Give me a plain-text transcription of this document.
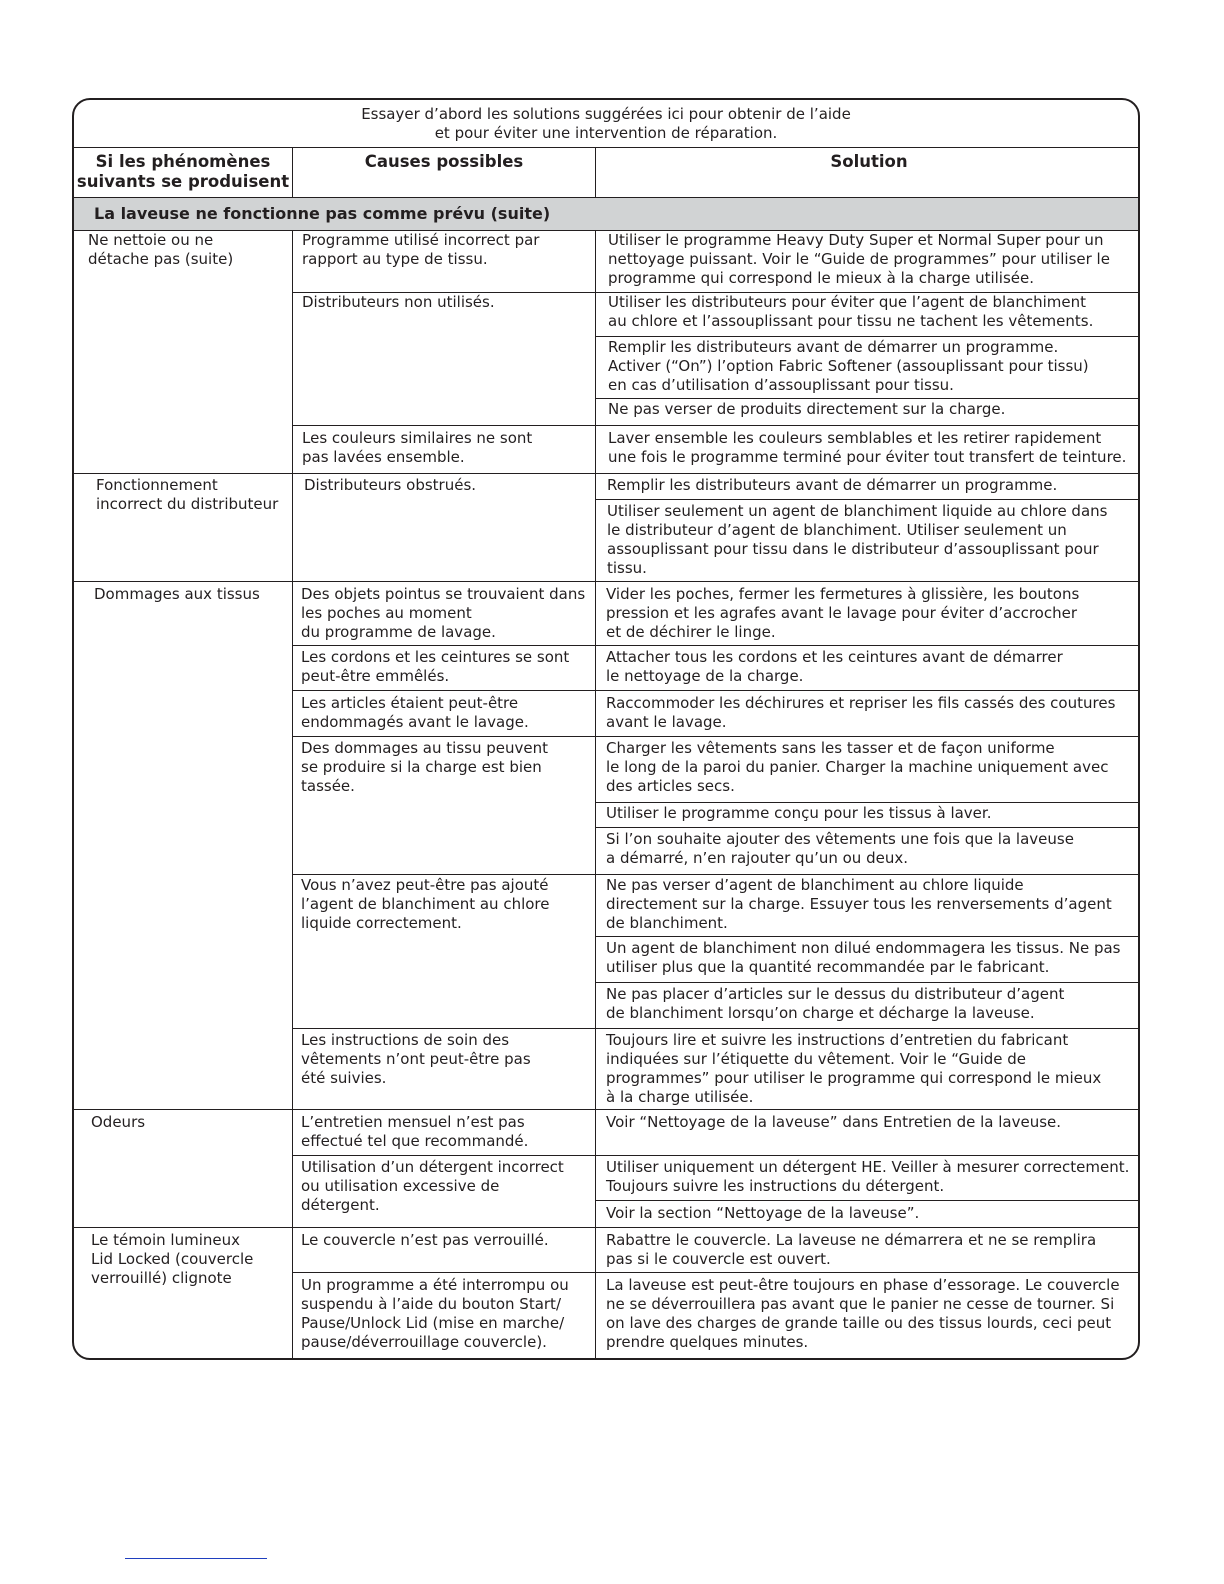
Essayer d’abord les solutions suggérées ici pour obtenir de l’aide
et pour éviter une intervention de réparation.
Si les phénomènes
suivants se produisent
Causes possibles	Solution
La laveuse ne fonctionne pas comme prévu (suite)
Ne nettoie ou ne
détache pas (suite)
Fonctionnement
incorrect du distributeur
Dommages aux tissus
Odeurs
Le témoin lumineux
Lid Locked (couvercle
verrouillé) clignote
Programme utilisé incorrect par
rapport au type de tissu.
Distributeurs non utilisés.
Les couleurs similaires ne sont
pas lavées ensemble.
Distributeurs obstrués.
Des objets pointus se trouvaient dans
les poches au moment
du programme de lavage.
Les cordons et les ceintures se sont
peut-être emmêlés.
Les articles étaient peut-être
endommagés avant le lavage.
Des dommages au tissu peuvent
se produire si la charge est bien
tassée.
Vous n’avez peut-être pas ajouté
l’agent de blanchiment au chlore
liquide correctement.
Les instructions de soin des
vêtements n’ont peut-être pas
été suivies.
L’entretien mensuel n’est pas
effectué tel que recommandé.
Utilisation d’un détergent incorrect
ou utilisation excessive de
détergent.
Le couvercle n’est pas verrouillé.
Un programme a été interrompu ou
suspendu à l’aide du bouton Start/
Pause/Unlock Lid (mise en marche/
pause/déverrouillage couvercle).
Utiliser le programme Heavy Duty Super et Normal Super pour un
nettoyage puissant. Voir le “Guide de programmes” pour utiliser le
programme qui correspond le mieux à la charge utilisée.
Utiliser les distributeurs pour éviter que l’agent de blanchiment
au chlore et l’assouplissant pour tissu ne tachent les vêtements.
Remplir les distributeurs avant de démarrer un programme.
Activer (“On”) l’option Fabric Softener (assouplissant pour tissu)
en cas d’utilisation d’assouplissant pour tissu.
Ne pas verser de produits directement sur la charge.
Laver ensemble les couleurs semblables et les retirer rapidement
une fois le programme terminé pour éviter tout transfert de teinture.
Remplir les distributeurs avant de démarrer un programme.
Utiliser seulement un agent de blanchiment liquide au chlore dans
le distributeur d’agent de blanchiment. Utiliser seulement un
assouplissant pour tissu dans le distributeur d’assouplissant pour
tissu.
Vider les poches, fermer les fermetures à glissière, les boutons
pression et les agrafes avant le lavage pour éviter d’accrocher
et de déchirer le linge.
Attacher tous les cordons et les ceintures avant de démarrer
le nettoyage de la charge.
Raccommoder les déchirures et repriser les fils cassés des coutures
avant le lavage.
Charger les vêtements sans les tasser et de façon uniforme
le long de la paroi du panier. Charger la machine uniquement avec
des articles secs.
Utiliser le programme conçu pour les tissus à laver.
Si l’on souhaite ajouter des vêtements une fois que la laveuse
a démarré, n’en rajouter qu’un ou deux.
Ne pas verser d’agent de blanchiment au chlore liquide
directement sur la charge. Essuyer tous les renversements d’agent
de blanchiment.
Un agent de blanchiment non dilué endommagera les tissus. Ne pas
utiliser plus que la quantité recommandée par le fabricant.
Ne pas placer d’articles sur le dessus du distributeur d’agent
de blanchiment lorsqu’on charge et décharge la laveuse.
Toujours lire et suivre les instructions d’entretien du fabricant
indiquées sur l’étiquette du vêtement. Voir le “Guide de
programmes” pour utiliser le programme qui correspond le mieux
à la charge utilisée.
Voir “Nettoyage de la laveuse” dans Entretien de la laveuse.
Utiliser uniquement un détergent HE. Veiller à mesurer correctement.
Toujours suivre les instructions du détergent.
Voir la section “Nettoyage de la laveuse”.
Rabattre le couvercle. La laveuse ne démarrera et ne se remplira
pas si le couvercle est ouvert.
La laveuse est peut-être toujours en phase d’essorage. Le couvercle
ne se déverrouillera pas avant que le panier ne cesse de tourner. Si
on lave des charges de grande taille ou des tissus lourds, ceci peut
prendre quelques minutes.
